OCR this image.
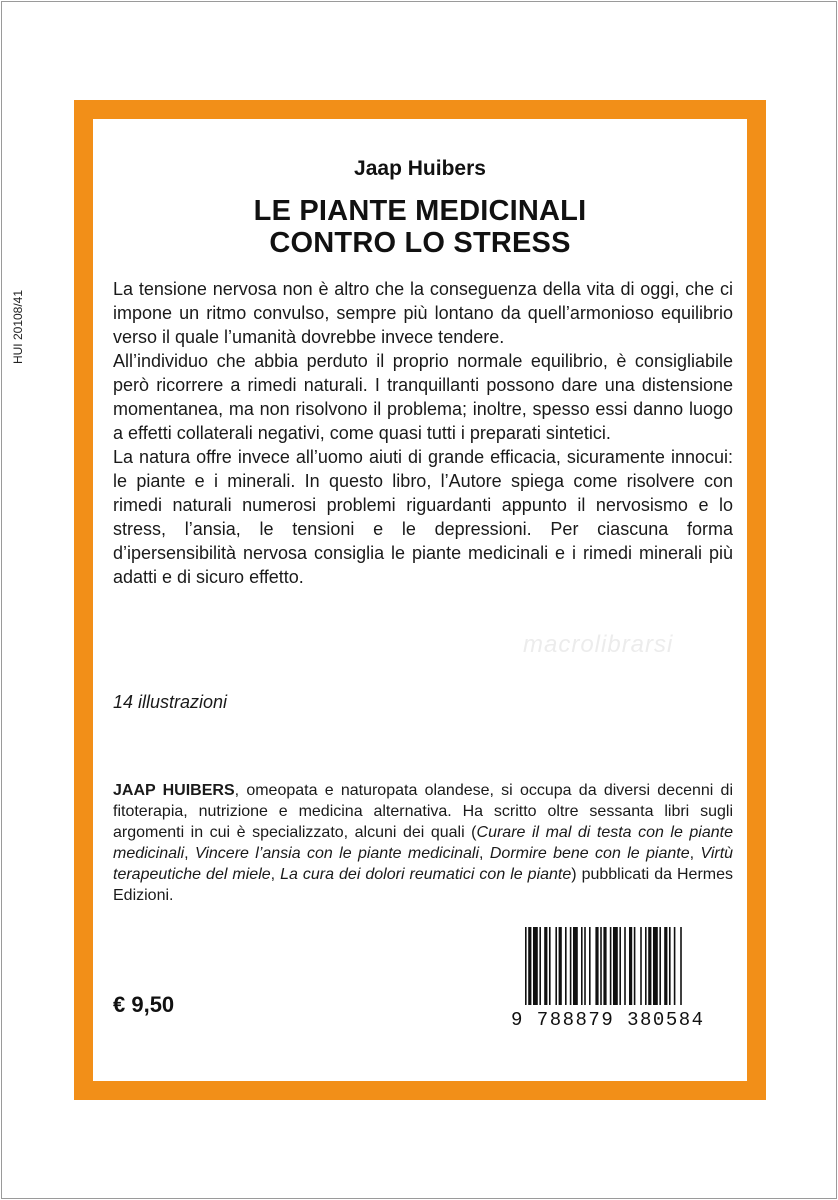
HUI 20108/41
Jaap Huibers
LE PIANTE MEDICINALI
CONTRO LO STRESS

La tensione nervosa non è altro che la conseguenza della vita di oggi, che ci impone un ritmo convulso, sempre più lontano da quell’armonioso equilibrio verso il quale l’umanità dovrebbe invece tendere.

All’individuo che abbia perduto il proprio normale equilibrio, è consigliabile però ricorrere a rimedi naturali. I tranquillanti possono dare una distensione momentanea, ma non risolvono il problema; inoltre, spesso essi danno luogo a effetti collaterali negativi, come quasi tutti i preparati sintetici.

La natura offre invece all’uomo aiuti di grande efficacia, sicuramente innocui: le piante e i minerali. In questo libro, l’Autore spiega come risolvere con rimedi naturali numerosi problemi riguardanti appunto il nervosismo e lo stress, l’ansia, le tensioni e le depressioni. Per ciascuna forma d’ipersensibilità nervosa consiglia le piante medicinali e i rimedi minerali più adatti e di sicuro effetto.

macrolibrarsi
14 illustrazioni
JAAP HUIBERS, omeopata e naturopata olandese, si occupa da diversi decenni di fitoterapia, nutrizione e medicina alternativa. Ha scritto oltre sessanta libri sugli argomenti in cui è specializzato, alcuni dei quali (Curare il mal di testa con le piante medicinali, Vincere l’ansia con le piante medicinali, Dormire bene con le piante, Virtù terapeutiche del miele, La cura dei dolori reumatici con le piante) pubblicati da Hermes Edizioni.
€ 9,50
9 788879 380584
